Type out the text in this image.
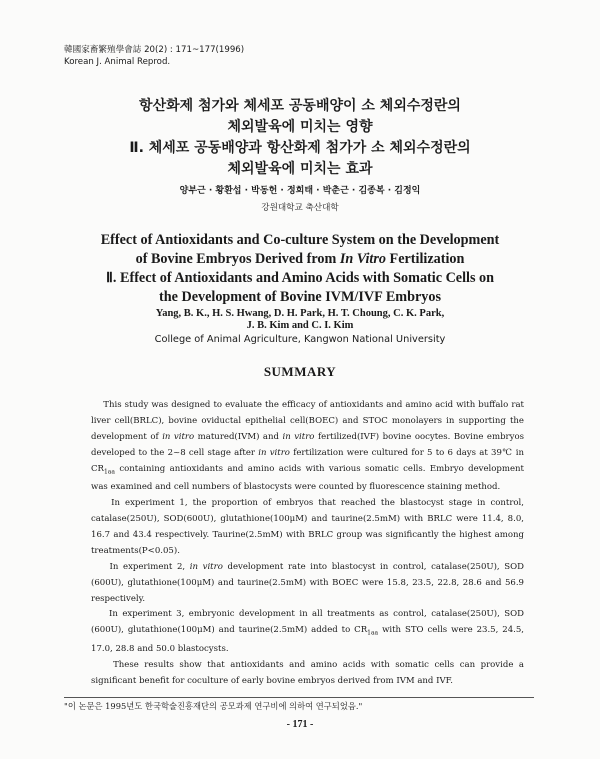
韓國家畜繁殖學會誌 20(2) : 171~177(1996)
Korean J. Animal Reprod.
항산화제 첨가와 체세포 공동배양이 소 체외수정란의
체외발육에 미치는 영향
Ⅱ. 체세포 공동배양과 항산화제 첨가가 소 체외수정란의
체외발육에 미치는 효과
양부근 · 황환섭 · 박동헌 · 정희태 · 박춘근 · 김종복 · 김정익
강원대학교 축산대학
Effect of Antioxidants and Co-culture System on the Development
of Bovine Embryos Derived from In Vitro Fertilization
Ⅱ. Effect of Antioxidants and Amino Acids with Somatic Cells on
the Development of Bovine IVM/IVF Embryos
Yang, B. K., H. S. Hwang, D. H. Park, H. T. Choung, C. K. Park,
J. B. Kim and C. I. Kim
College of Animal Agriculture, Kangwon National University
SUMMARY

This study was designed to evaluate the efficacy of antioxidants and amino acid with buffalo rat liver cell(BRLC), bovine oviductal epithelial cell(BOEC) and STOC monolayers in supporting the development of in vitro matured(IVM) and in vitro fertilized(IVF) bovine oocytes. Bovine embryos developed to the 2~8 cell stage after in vitro fertilization were cultured for 5 to 6 days at 39℃ in $CR_{1aa}$ containing antioxidants and amino acids with various somatic cells. Embryo development was examined and cell numbers of blastocysts were counted by fluorescence staining method.

In experiment 1, the proportion of embryos that reached the blastocyst stage in control, catalase(250U), SOD(600U), glutathione(100μM) and taurine(2.5mM) with BRLC were 11.4, 8.0, 16.7 and 43.4 respectively. Taurine(2.5mM) with BRLC group was significantly the highest among treatments(P<0.05).

In experiment 2, in vitro development rate into blastocyst in control, catalase(250U), SOD (600U), glutathione(100μM) and taurine(2.5mM) with BOEC were 15.8, 23.5, 22.8, 28.6 and 56.9 respectively.

In experiment 3, embryonic development in all treatments as control, catalase(250U), SOD (600U), glutathione(100μM) and taurine(2.5mM) added to $CR_{1aa}$ with STO cells were 23.5, 24.5, 17.0, 28.8 and 50.0 blastocysts.

These results show that antioxidants and amino acids with somatic cells can provide a significant benefit for coculture of early bovine embryos derived from IVM and IVF.

"이 논문은 1995년도 한국학술진흥재단의 공모과제 연구비에 의하여 연구되었음."
- 171 -
